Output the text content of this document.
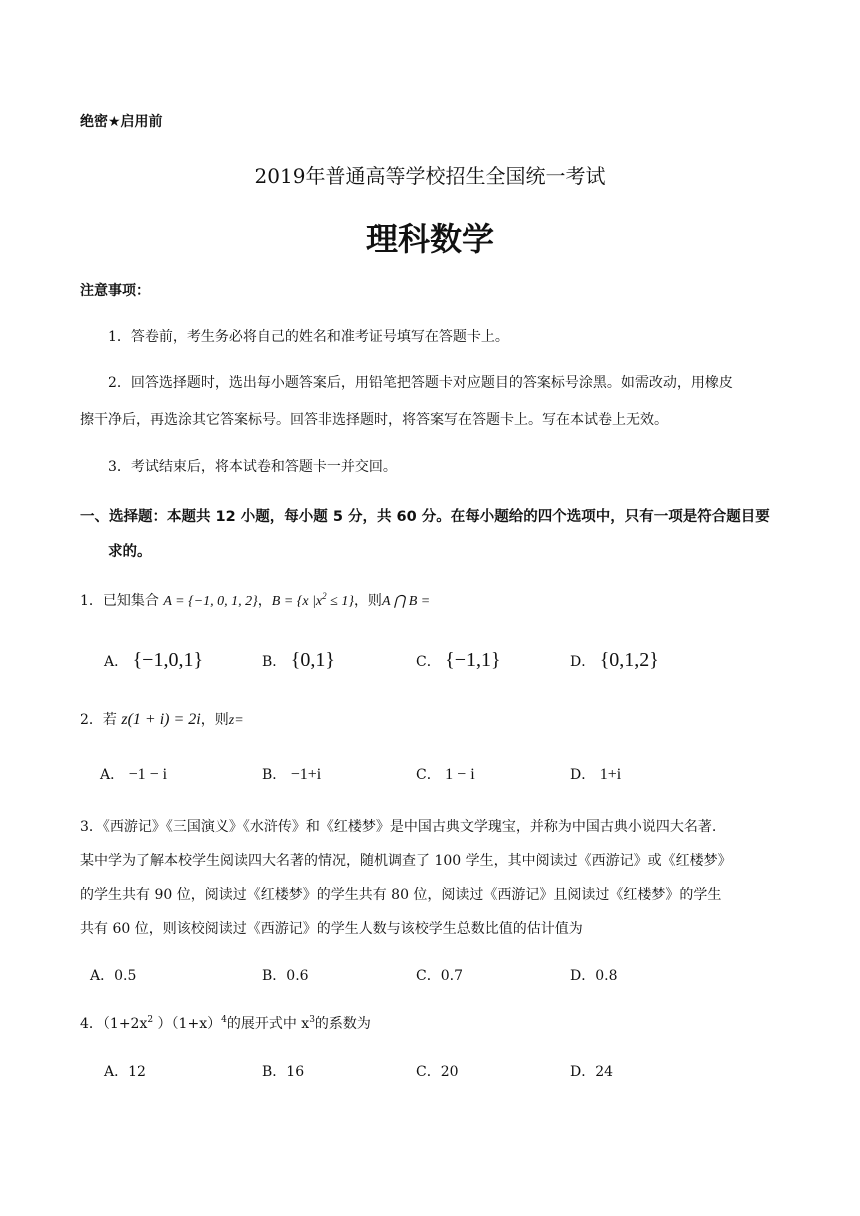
绝密★启用前
2019年普通高等学校招生全国统一考试
理科数学
注意事项：
1．答卷前，考生务必将自己的姓名和准考证号填写在答题卡上。
2．回答选择题时，选出每小题答案后，用铅笔把答题卡对应题目的答案标号涂黑。如需改动，用橡皮
擦干净后，再选涂其它答案标号。回答非选择题时，将答案写在答题卡上。写在本试卷上无效。
3．考试结束后，将本试卷和答题卡一并交回。
一、选择题：本题共 12 小题，每小题 5 分，共 60 分。在每小题给的四个选项中，只有一项是符合题目要
求的。
1．已知集合 A = {−1, 0, 1, 2}，B = {x $|x^2 \le 1$}，则A ⋂ B =
A． {−1,0,1}	B． {0,1}	C． {−1,1}	D． {0,1,2}
2．若 z(1 + i) = 2i，则z=
A． −1 − i	B． −1+i	C． 1 − i	D． 1+i
3．《西游记》《三国演义》《水浒传》和《红楼梦》是中国古典文学瑰宝，并称为中国古典小说四大名著.
某中学为了解本校学生阅读四大名著的情况，随机调查了 100 学生，其中阅读过《西游记》或《红楼梦》
的学生共有 90 位，阅读过《红楼梦》的学生共有 80 位，阅读过《西游记》且阅读过《红楼梦》的学生
共有 60 位，则该校阅读过《西游记》的学生人数与该校学生总数比值的估计值为
A．0.5	B．0.6	C．0.7	D．0.8
4．（$1+2x^2$ ）$(1+x)^4$的展开式中 $x^3$的系数为
A．12	B．16	C．20	D．24
